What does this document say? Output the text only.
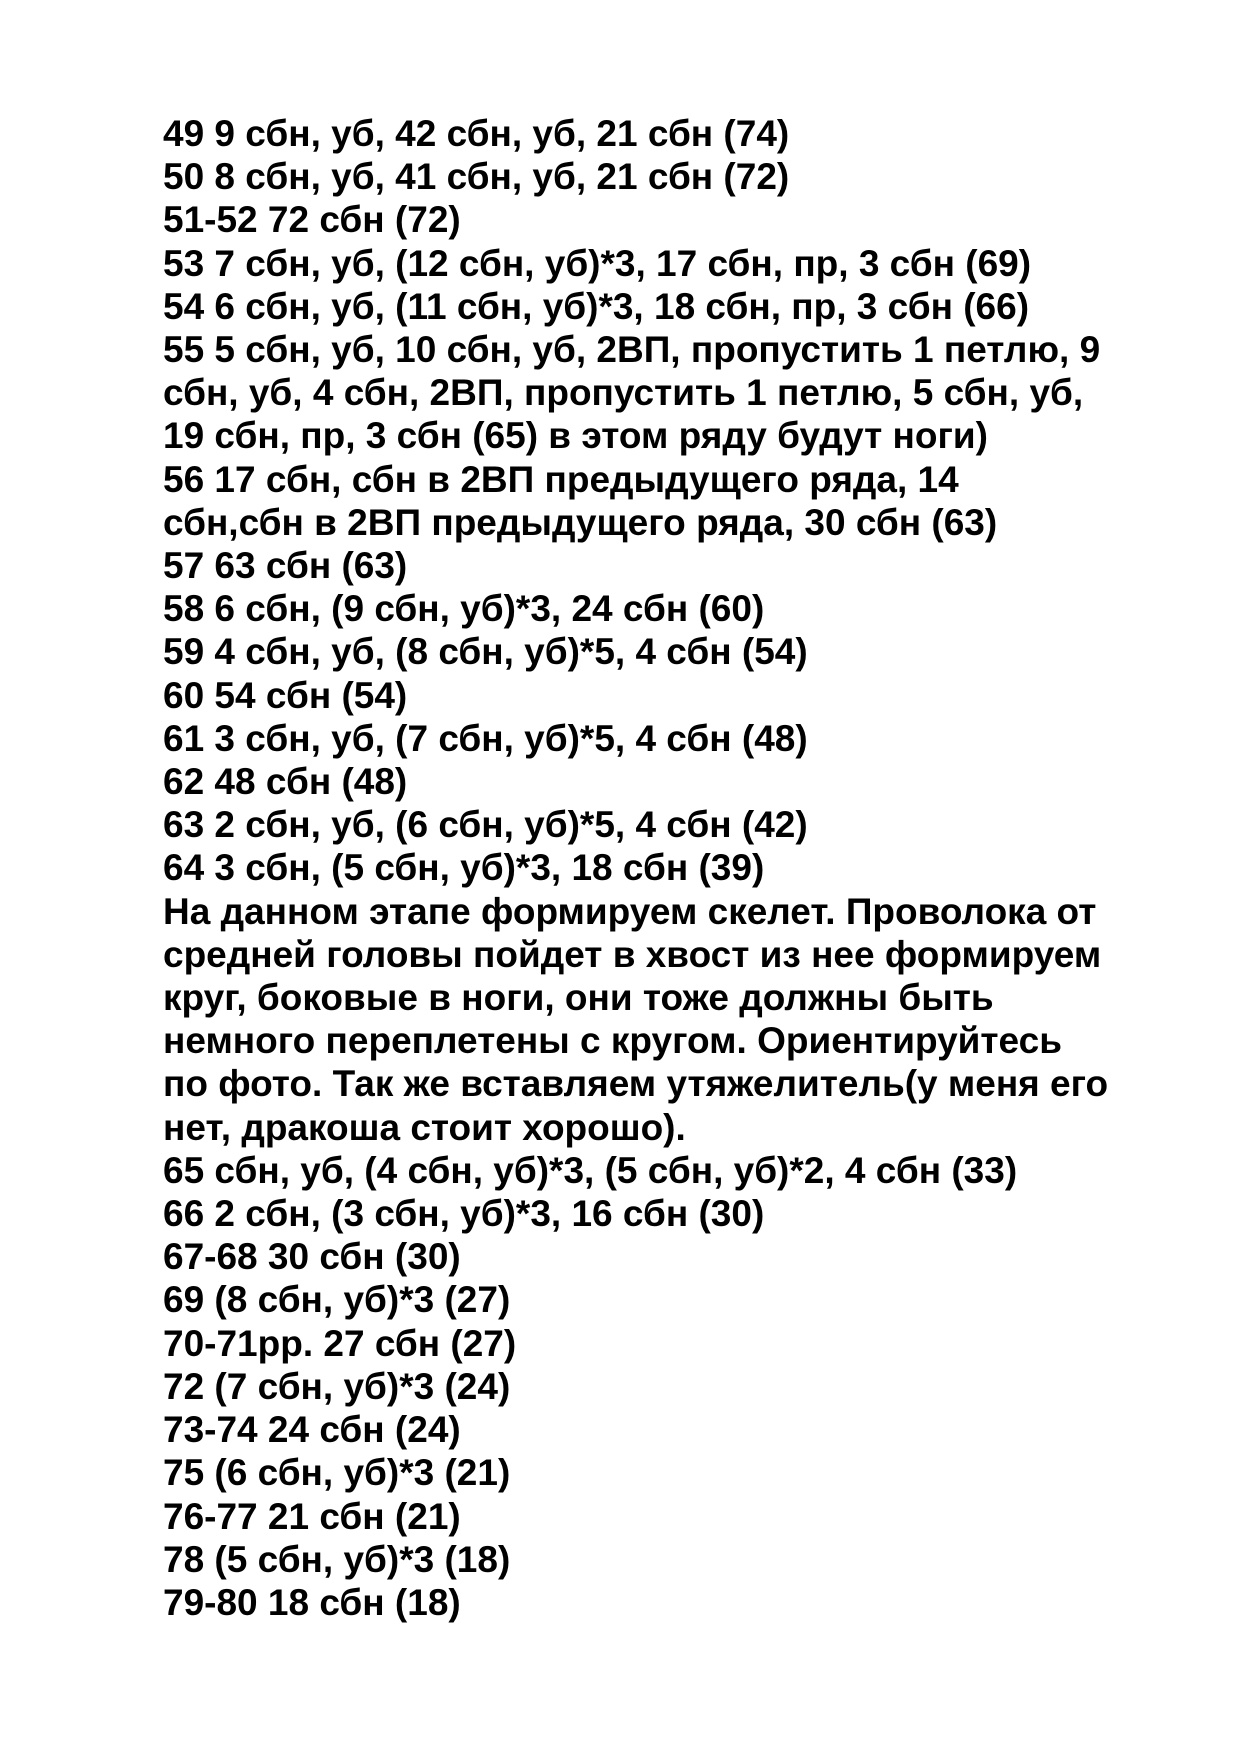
49 9 сбн, уб, 42 сбн, уб, 21 сбн (74)
50 8 сбн, уб, 41 сбн, уб, 21 сбн (72)
51-52 72 сбн (72)
53 7 сбн, уб, (12 сбн, уб)*3, 17 сбн, пр, 3 сбн (69)
54 6 сбн, уб, (11 сбн, уб)*3, 18 сбн, пр, 3 сбн (66)
55 5 сбн, уб, 10 сбн, уб, 2ВП, пропустить 1 петлю, 9
сбн, уб, 4 сбн, 2ВП, пропустить 1 петлю, 5 сбн, уб,
19 сбн, пр, 3 сбн (65) в этом ряду будут ноги)
56 17 сбн, сбн в 2ВП предыдущего ряда, 14
сбн,сбн в 2ВП предыдущего ряда, 30 сбн (63)
57 63 сбн (63)
58 6 сбн, (9 сбн, уб)*3, 24 сбн (60)
59 4 сбн, уб, (8 сбн, уб)*5, 4 сбн (54)
60 54 сбн (54)
61 3 сбн, уб, (7 сбн, уб)*5, 4 сбн (48)
62 48 сбн (48)
63 2 сбн, уб, (6 сбн, уб)*5, 4 сбн (42)
64 3 сбн, (5 сбн, уб)*3, 18 сбн (39)
На данном этапе формируем скелет. Проволока от
средней головы пойдет в хвост из нее формируем
круг, боковые в ноги, они тоже должны быть
немного переплетены с кругом. Ориентируйтесь
по фото. Так же вставляем утяжелитель(у меня его
нет, дракоша стоит хорошо).
65 сбн, уб, (4 сбн, уб)*3, (5 сбн, уб)*2, 4 сбн (33)
66 2 сбн, (3 сбн, уб)*3, 16 сбн (30)
67-68 30 сбн (30)
69 (8 сбн, уб)*3 (27)
70-71рр. 27 сбн (27)
72 (7 сбн, уб)*3 (24)
73-74 24 сбн (24)
75 (6 сбн, уб)*3 (21)
76-77 21 сбн (21)
78 (5 сбн, уб)*3 (18)
79-80 18 сбн (18)
